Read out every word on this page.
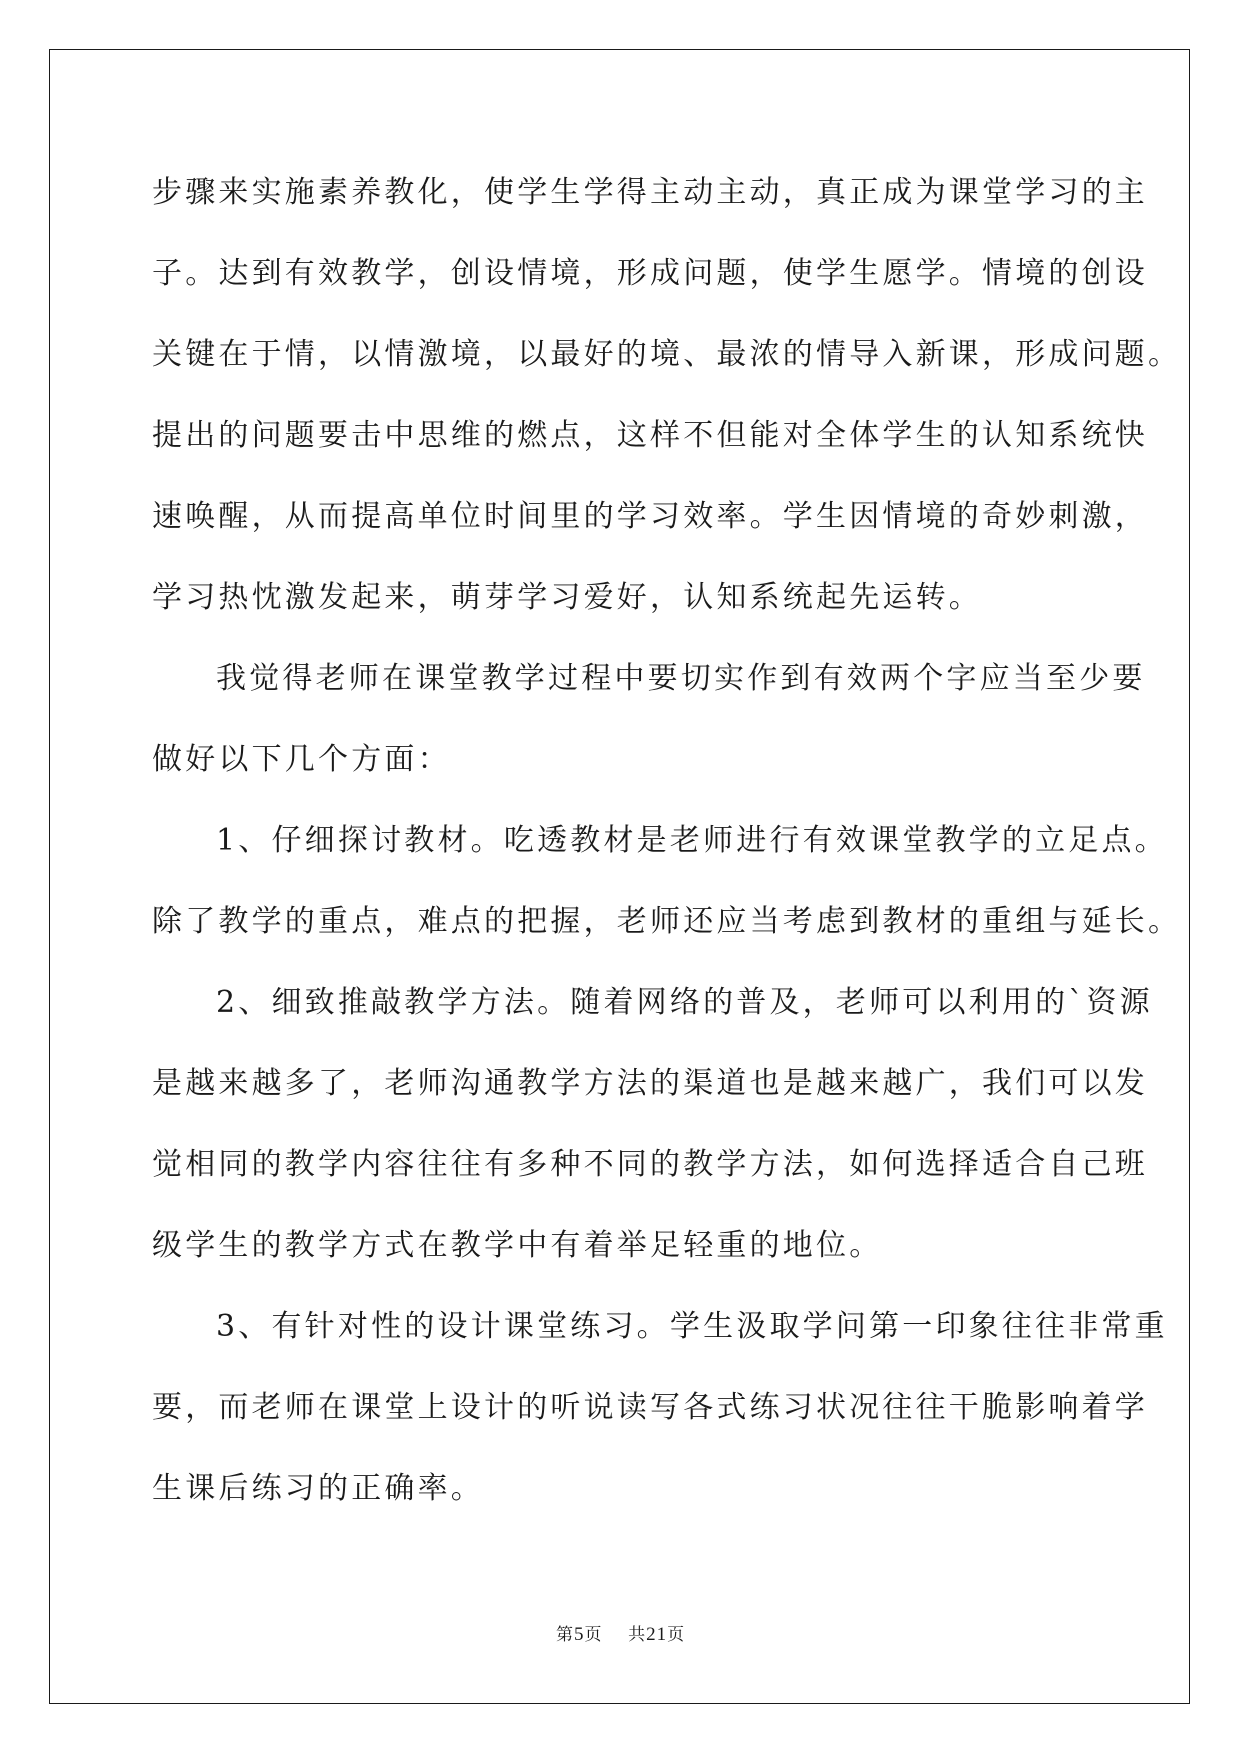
步骤来实施素养教化，使学生学得主动主动，真正成为课堂学习的主
子。达到有效教学，创设情境，形成问题，使学生愿学。情境的创设
关键在于情，以情激境，以最好的境、最浓的情导入新课，形成问题。
提出的问题要击中思维的燃点，这样不但能对全体学生的认知系统快
速唤醒，从而提高单位时间里的学习效率。学生因情境的奇妙刺激，
学习热忱激发起来，萌芽学习爱好，认知系统起先运转。
我觉得老师在课堂教学过程中要切实作到有效两个字应当至少要
做好以下几个方面：
1、仔细探讨教材。吃透教材是老师进行有效课堂教学的立足点。
除了教学的重点，难点的把握，老师还应当考虑到教材的重组与延长。
2、细致推敲教学方法。随着网络的普及，老师可以利用的`资源
是越来越多了，老师沟通教学方法的渠道也是越来越广，我们可以发
觉相同的教学内容往往有多种不同的教学方法，如何选择适合自己班
级学生的教学方式在教学中有着举足轻重的地位。
3、有针对性的设计课堂练习。学生汲取学问第一印象往往非常重
要，而老师在课堂上设计的听说读写各式练习状况往往干脆影响着学
生课后练习的正确率。
第5页 共21页
